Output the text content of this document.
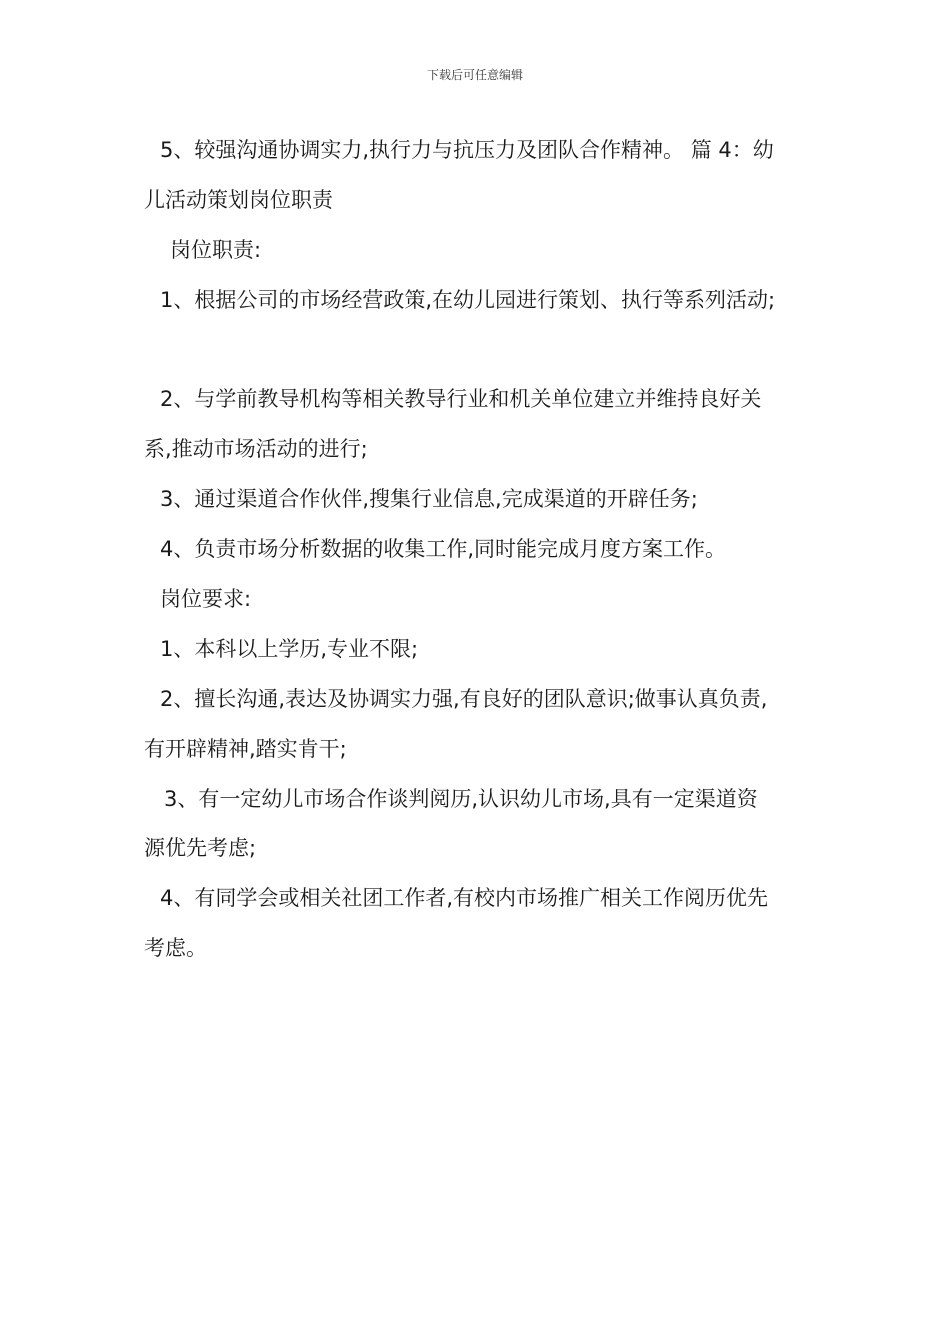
下载后可任意编辑
5、较强沟通协调实力,执行力与抗压力及团队合作精神。 篇 4：幼
儿活动策划岗位职责
岗位职责:
1、根据公司的市场经营政策,在幼儿园进行策划、执行等系列活动;
2、与学前教导机构等相关教导行业和机关单位建立并维持良好关
系,推动市场活动的进行;
3、通过渠道合作伙伴,搜集行业信息,完成渠道的开辟任务;
4、负责市场分析数据的收集工作,同时能完成月度方案工作。
岗位要求:
1、本科以上学历,专业不限;
2、擅长沟通,表达及协调实力强,有良好的团队意识;做事认真负责,
有开辟精神,踏实肯干;
3、有一定幼儿市场合作谈判阅历,认识幼儿市场,具有一定渠道资
源优先考虑;
4、有同学会或相关社团工作者,有校内市场推广相关工作阅历优先
考虑。
